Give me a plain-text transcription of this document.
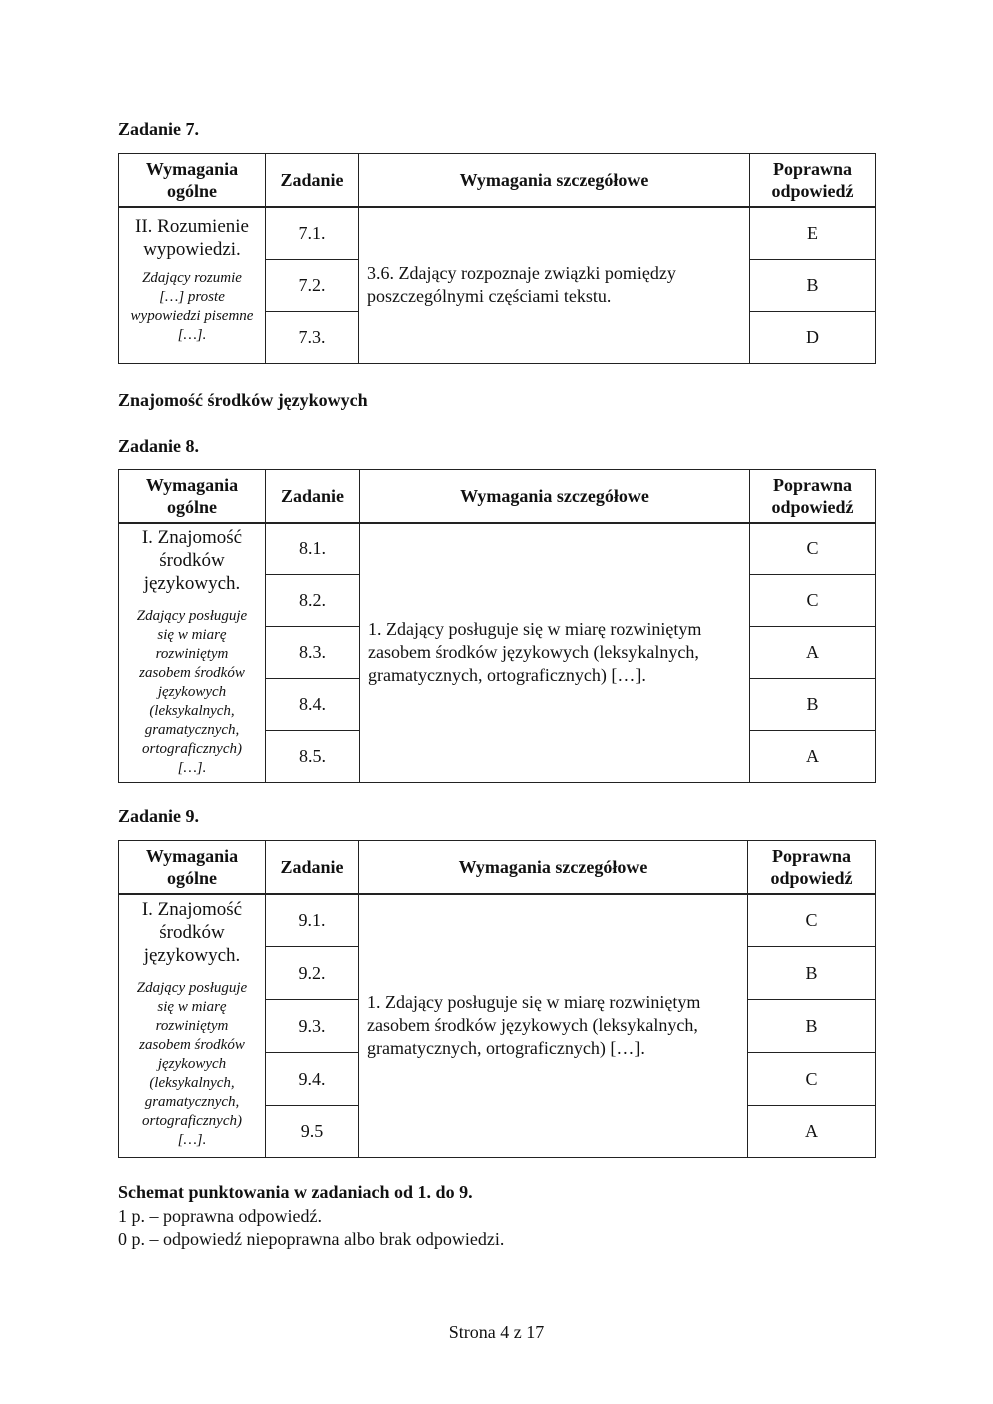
Zadanie 7.
Wymagania ogólne	Zadanie	Wymagania szczegółowe	Poprawna odpowiedź

II. Rozumienie wypowiedzi.
Zdający rozumie […] proste wypowiedzi pisemne […].	7.1.	3.6. Zdający rozpoznaje związki pomiędzy poszczególnymi częściami tekstu.	E
	7.2.		B
	7.3.		D
Znajomość środków językowych
Zadanie 8.
Wymagania ogólne	Zadanie	Wymagania szczegółowe	Poprawna odpowiedź

I. Znajomość środków językowych.
Zdający posługuje się w miarę rozwiniętym zasobem środków językowych (leksykalnych, gramatycznych, ortograficznych) […].	8.1.	1. Zdający posługuje się w miarę rozwiniętym zasobem środków językowych (leksykalnych, gramatycznych, ortograficznych) […].	C
	8.2.		C
	8.3.		A
	8.4.		B
	8.5.		A
Zadanie 9.
Wymagania ogólne	Zadanie	Wymagania szczegółowe	Poprawna odpowiedź

I. Znajomość środków językowych.
Zdający posługuje się w miarę rozwiniętym zasobem środków językowych (leksykalnych, gramatycznych, ortograficznych) […].	9.1.	1. Zdający posługuje się w miarę rozwiniętym zasobem środków językowych (leksykalnych, gramatycznych, ortograficznych) […].	C
	9.2.		B
	9.3.		B
	9.4.		C
	9.5		A
Schemat punktowania w zadaniach od 1. do 9.
1 p. – poprawna odpowiedź.
0 p. – odpowiedź niepoprawna albo brak odpowiedzi.
Strona 4 z 17
